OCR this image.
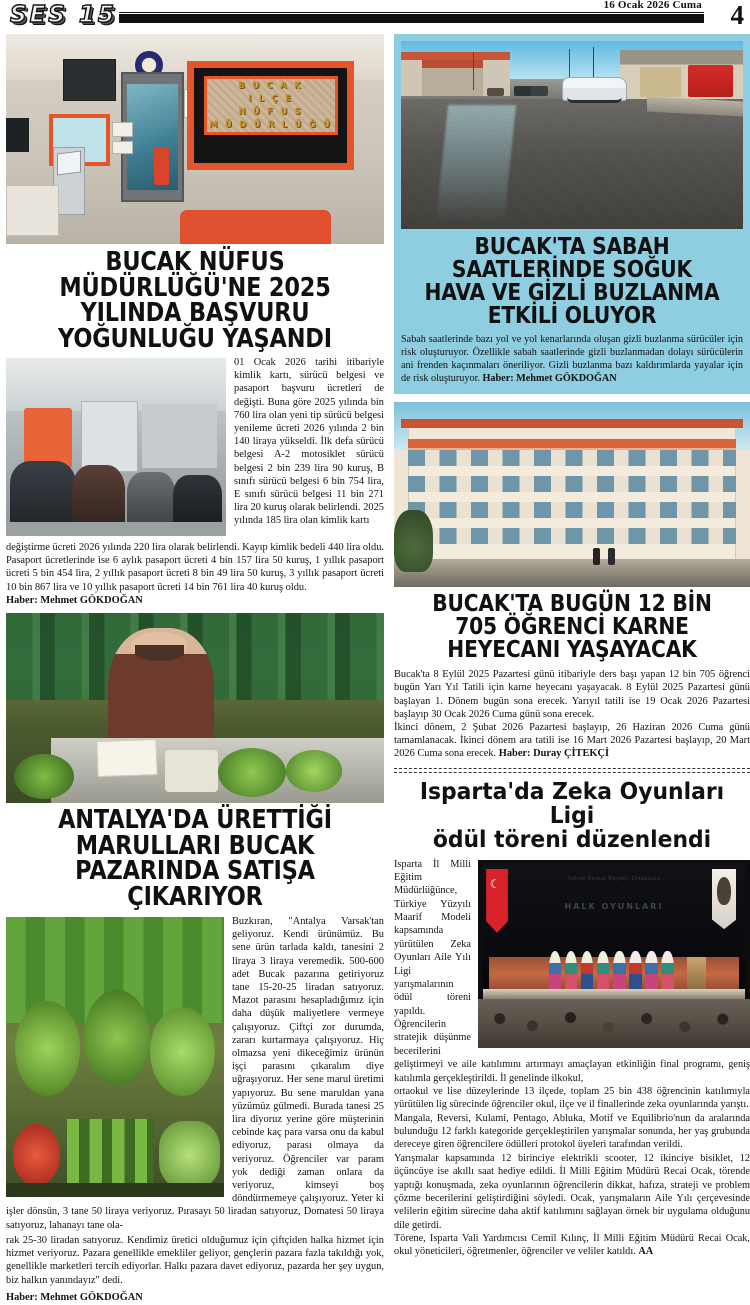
SES 15	16 Ocak 2026 Cuma 4
B U C A K
I L Ç E
N Ü F U S
M Ü D Ü R L Ü Ğ Ü
BUCAK NÜFUS MÜDÜRLÜĞÜ'NE 2025 YILINDA BAŞVURU YOĞUNLUĞU YAŞANDI
01 Ocak 2026 tarihi itibariyle kimlik kartı, sürücü belgesi ve pasaport başvuru ücretleri de değişti. Buna göre 2025 yılında bin 760 lira olan yeni tip sürücü belgesi yenileme ücreti 2026 yılında 2 bin 140 liraya yükseldi. İlk defa sürücü belgesi A-2 motosiklet sürücü belgesi 2 bin 239 lira 90 kuruş, B sınıfı sürücü belgesi 6 bin 754 lira, E sınıfı sürücü belgesi 11 bin 271 lira 20 kuruş olarak belirlendi. 2025 yılında 185 lira olan kimlik kartı
değiştirme ücreti 2026 yılında 220 lira olarak belirlendi. Kayıp kimlik bedeli 440 lira oldu. Pasaport ücretlerinde ise 6 aylık pasaport ücreti 4 bin 157 lira 50 kuruş, 1 yıllık pasaport ücreti 5 bin 454 lira, 2 yıllık pasaport ücreti 8 bin 49 lira 50 kuruş, 3 yıllık pasaport ücreti 10 bin 867 lira ve 10 yıllık pasaport ücreti 14 bin 761 lira 40 kuruş oldu.
Haber: Mehmet GÖKDOĞAN
ANTALYA'DA ÜRETTİĞİ MARULLARI BUCAK PAZARINDA SATIŞA ÇIKARIYOR
Buzkıran, "Antalya Varsak'tan geliyoruz. Kendi ürünümüz. Bu sene ürün tarlada kaldı, tanesini 2 liraya 3 liraya veremedik. 500-600 adet Bucak pazarına getiriyoruz tane 15-20-25 liradan satıyoruz. Mazot parasını hesapladığımız için daha düşük maliyetlere vermeye çalışıyoruz. Çiftçi zor durumda, zararı kurtarmaya çalışıyoruz. Hiç olmazsa yeni dikeceğimiz ürünün işçi parasını çıkaralım diye uğraşıyoruz. Her sene marul üretimi yapıyoruz. Bu sene maruldan yana yüzümüz gülmedi. Burada tanesi 25 lira diyoruz yerine göre müşterinin cebinde kaç para varsa onu da kabul ediyoruz, parası olmaya da veriyoruz. Öğrenciler var param yok dediği zaman onlara da veriyoruz, kimseyi boş döndürmemeye çalışıyoruz. Yeter ki işler dönsün, 3 tane 50 liraya veriyoruz. Pırasayı 50 liradan satıyoruz, Domatesi 50 liraya satıyoruz, lahanayı tane ola-
rak 25-30 liradan satıyoruz. Kendimiz üretici olduğumuz için çiftçiden halka hizmet için hizmet veriyoruz. Pazara genellikle emekliler geliyor, gençlerin pazara fazla takıldığı yok, genellikle marketleri tercih ediyorlar. Halkı pazara davet ediyoruz, pazarda her şey uygun, biz halkın yanındayız" dedi.
Haber: Mehmet GÖKDOĞAN
BUCAK'TA SABAH SAATLERİNDE SOĞUK HAVA VE GİZLİ BUZLANMA ETKİLİ OLUYOR
Sabah saatlerinde bazı yol ve yol kenarlarında oluşan gizli buzlanma sürücüler için risk oluşturuyor. Özellikle sabah saatlerinde gizli buzlanmadan dolayı sürücülerin ani frenden kaçınmaları öneriliyor. Gizli buzlanma bazı kaldırımlarda yayalar için de risk oluşturuyor. Haber: Mehmet GÖKDOĞAN
BUCAK'TA BUGÜN 12 BİN 705 ÖĞRENCİ KARNE HEYECANI YAŞAYACAK
Bucak'ta 8 Eylül 2025 Pazartesi günü itibariyle ders başı yapan 12 bin 705 öğrenci bugün Yarı Yıl Tatili için karne heyecanı yaşayacak. 8 Eylül 2025 Pazartesi günü başlayan 1. Dönem bugün sona erecek. Yarıyıl tatili ise 19 Ocak 2026 Pazartesi başlayıp 30 Ocak 2026 Cuma günü sona erecek.
İkinci dönem, 2 Şubat 2026 Pazartesi başlayıp, 26 Haziran 2026 Cuma günü tamamlanacak. İkinci dönem ara tatili ise 16 Mart 2026 Pazartesi başlayıp, 20 Mart 2026 Cuma sona erecek. Haber: Duray ÇİTEKÇİ
Isparta'da Zeka Oyunları Ligi
ödül töreni düzenlendi
Yahya Kemal Beyatlı Ortaokulu
HALK OYUNLARI
☾
Isparta İl Milli Eğitim Müdürlüğünce, Türkiye Yüzyılı Maarif Modeli kapsamında yürütülen Zeka Oyunları Aile Yılı Ligi yarışmalarının ödül töreni yapıldı. Öğrencilerin stratejik düşünme becerilerini geliştirmeyi ve aile katılımını artırmayı amaçlayan etkinliğin final programı, geniş katılımla gerçekleştirildi. İl genelinde ilkokul,
ortaokul ve lise düzeylerinde 13 ilçede, toplam 25 bin 438 öğrencinin katılımıyla yürütülen lig sürecinde öğrenciler okul, ilçe ve il finallerinde zeka oyunlarında yarıştı.
Mangala, Reversi, Kulami, Pentago, Abluka, Motif ve Equilibrio'nun da aralarında bulunduğu 12 farklı kategoride gerçekleştirilen yarışmalar sonunda, her yaş grubunda dereceye giren öğrencilere ödülleri protokol üyeleri tarafından verildi.
Yarışmalar kapsamında 12 birinciye elektrikli scooter, 12 ikinciye bisiklet, 12 üçüncüye ise akıllı saat hediye edildi. İl Milli Eğitim Müdürü Recai Ocak, törende yaptığı konuşmada, zeka oyunlarının öğrencilerin dikkat, hafıza, strateji ve problem çözme becerilerini geliştirdiğini söyledi. Ocak, yarışmaların Aile Yılı çerçevesinde velilerin eğitim sürecine daha aktif katılımını sağlayan örnek bir uygulama olduğunu dile getirdi.
Törene, Isparta Vali Yardımcısı Cemil Kılınç, İl Milli Eğitim Müdürü Recai Ocak, okul yöneticileri, öğretmenler, öğrenciler ve veliler katıldı. AA
